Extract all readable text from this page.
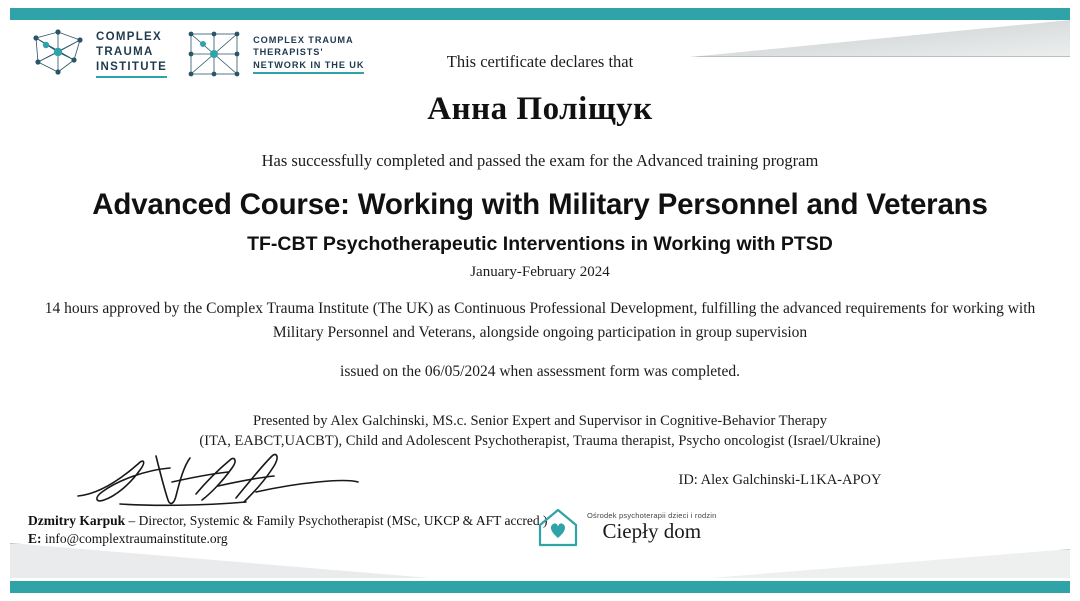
COMPLEX
TRAUMA
INSTITUTE
COMPLEX TRAUMA
THERAPISTS'
NETWORK IN THE UK	This certificate declares that
Анна Поліщук
Has successfully completed and passed the exam for the Advanced training program
Advanced Course: Working with Military Personnel and Veterans
TF-CBT Psychotherapeutic Interventions in Working with PTSD
January-February 2024
14 hours approved by the Complex Trauma Institute (The UK) as Continuous Professional Development, fulfilling the advanced requirements for working with Military Personnel and Veterans, alongside ongoing participation in group supervision
issued on the 06/05/2024 when assessment form was completed.
Presented by Alex Galchinski, MS.c. Senior Expert and Supervisor in Cognitive-Behavior Therapy
(ITA, EABCT,UACBT), Child and Adolescent Psychotherapist, Trauma therapist, Psycho oncologist (Israel/Ukraine)
ID: Alex Galchinski-L1KA-APOY
Dzmitry Karpuk – Director, Systemic & Family Psychotherapist (MSc, UKCP & AFT accred.)
E: info@complextraumainstitute.org
Ośrodek psychoterapii dzieci i rodzin
Ciepły dom
